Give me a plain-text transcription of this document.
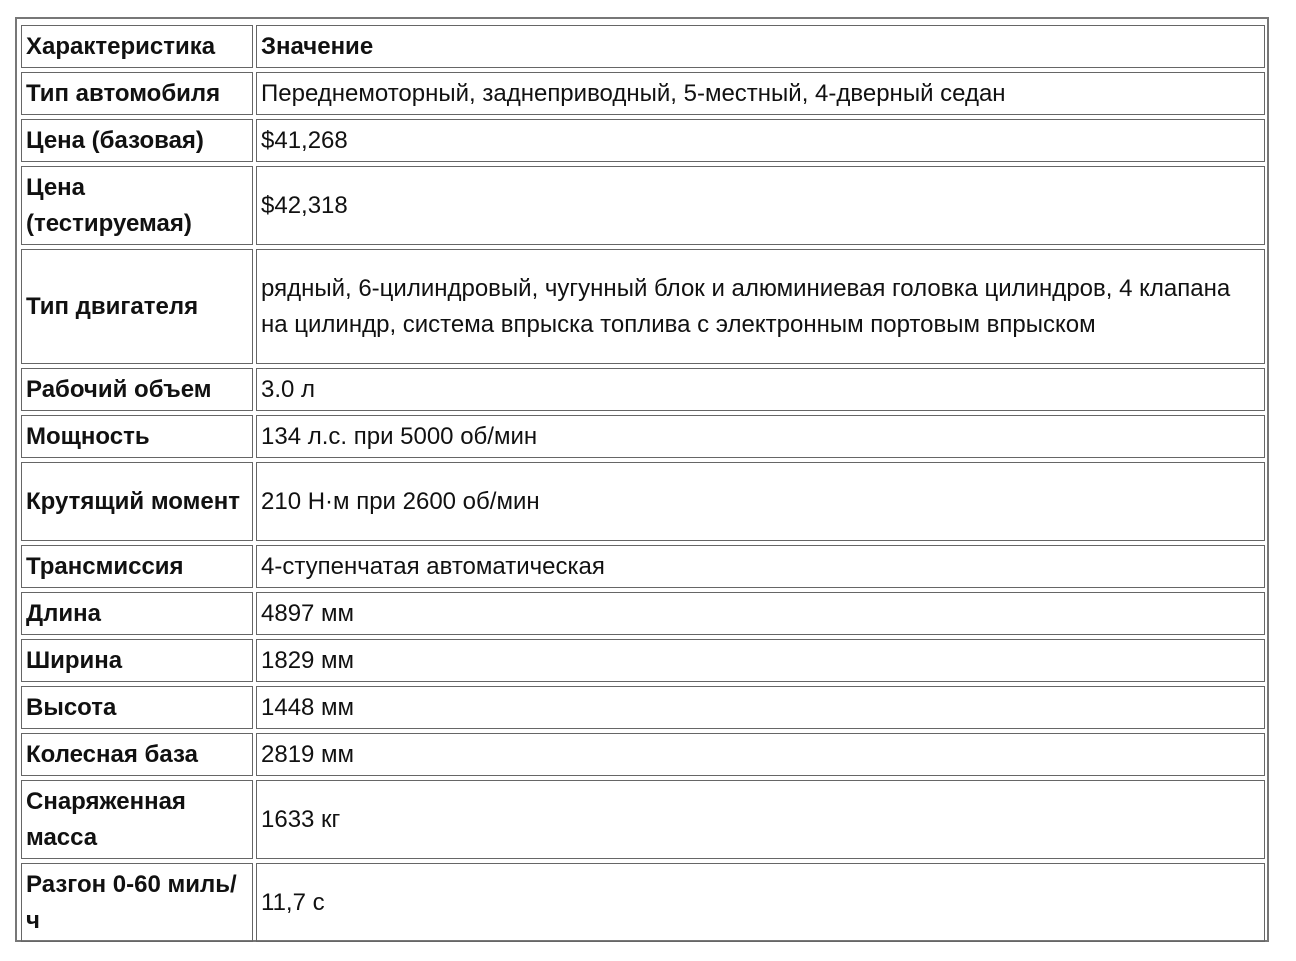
Характеристика	Значение
Тип автомобиля	Переднемоторный, заднеприводный, 5-местный, 4-дверный седан
Цена (базовая)	$41,268
Цена (тестируемая)	$42,318
Тип двигателя	рядный, 6-цилиндровый, чугунный блок и алюминиевая головка цилиндров, 4 клапана на цилиндр, система впрыска топлива с электронным портовым впрыском
Рабочий объем	3.0 л
Мощность	134 л.с. при 5000 об/мин
Крутящий момент	210 Н·м при 2600 об/мин
Трансмиссия	4-ступенчатая автоматическая
Длина	4897 мм
Ширина	1829 мм
Высота	1448 мм
Колесная база	2819 мм
Снаряженная масса	1633 кг
Разгон 0-60 миль/ч	11,7 с
